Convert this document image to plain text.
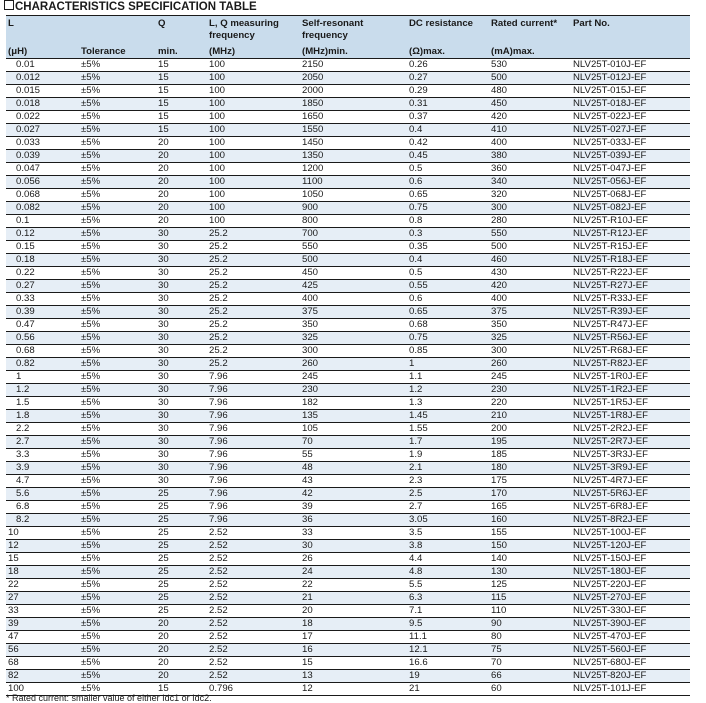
CHARACTERISTICS SPECIFICATION TABLE
L		Q	L, Q measuring frequency	Self-resonant frequency	DC resistance	Rated current*	Part No.
(μH)	Tolerance	min.	(MHz)	(MHz)min.	(Ω)max.	(mA)max.	
0.01	±5%	15	100	2150	0.26	530	NLV25T-010J-EF
0.012	±5%	15	100	2050	0.27	500	NLV25T-012J-EF
0.015	±5%	15	100	2000	0.29	480	NLV25T-015J-EF
0.018	±5%	15	100	1850	0.31	450	NLV25T-018J-EF
0.022	±5%	15	100	1650	0.37	420	NLV25T-022J-EF
0.027	±5%	15	100	1550	0.4	410	NLV25T-027J-EF
0.033	±5%	20	100	1450	0.42	400	NLV25T-033J-EF
0.039	±5%	20	100	1350	0.45	380	NLV25T-039J-EF
0.047	±5%	20	100	1200	0.5	360	NLV25T-047J-EF
0.056	±5%	20	100	1100	0.6	340	NLV25T-056J-EF
0.068	±5%	20	100	1050	0.65	320	NLV25T-068J-EF
0.082	±5%	20	100	900	0.75	300	NLV25T-082J-EF
0.1	±5%	20	100	800	0.8	280	NLV25T-R10J-EF
0.12	±5%	30	25.2	700	0.3	550	NLV25T-R12J-EF
0.15	±5%	30	25.2	550	0.35	500	NLV25T-R15J-EF
0.18	±5%	30	25.2	500	0.4	460	NLV25T-R18J-EF
0.22	±5%	30	25.2	450	0.5	430	NLV25T-R22J-EF
0.27	±5%	30	25.2	425	0.55	420	NLV25T-R27J-EF
0.33	±5%	30	25.2	400	0.6	400	NLV25T-R33J-EF
0.39	±5%	30	25.2	375	0.65	375	NLV25T-R39J-EF
0.47	±5%	30	25.2	350	0.68	350	NLV25T-R47J-EF
0.56	±5%	30	25.2	325	0.75	325	NLV25T-R56J-EF
0.68	±5%	30	25.2	300	0.85	300	NLV25T-R68J-EF
0.82	±5%	30	25.2	260	1	260	NLV25T-R82J-EF
1	±5%	30	7.96	245	1.1	245	NLV25T-1R0J-EF
1.2	±5%	30	7.96	230	1.2	230	NLV25T-1R2J-EF
1.5	±5%	30	7.96	182	1.3	220	NLV25T-1R5J-EF
1.8	±5%	30	7.96	135	1.45	210	NLV25T-1R8J-EF
2.2	±5%	30	7.96	105	1.55	200	NLV25T-2R2J-EF
2.7	±5%	30	7.96	70	1.7	195	NLV25T-2R7J-EF
3.3	±5%	30	7.96	55	1.9	185	NLV25T-3R3J-EF
3.9	±5%	30	7.96	48	2.1	180	NLV25T-3R9J-EF
4.7	±5%	30	7.96	43	2.3	175	NLV25T-4R7J-EF
5.6	±5%	25	7.96	42	2.5	170	NLV25T-5R6J-EF
6.8	±5%	25	7.96	39	2.7	165	NLV25T-6R8J-EF
8.2	±5%	25	7.96	36	3.05	160	NLV25T-8R2J-EF
10	±5%	25	2.52	33	3.5	155	NLV25T-100J-EF
12	±5%	25	2.52	30	3.8	150	NLV25T-120J-EF
15	±5%	25	2.52	26	4.4	140	NLV25T-150J-EF
18	±5%	25	2.52	24	4.8	130	NLV25T-180J-EF
22	±5%	25	2.52	22	5.5	125	NLV25T-220J-EF
27	±5%	25	2.52	21	6.3	115	NLV25T-270J-EF
33	±5%	25	2.52	20	7.1	110	NLV25T-330J-EF
39	±5%	20	2.52	18	9.5	90	NLV25T-390J-EF
47	±5%	20	2.52	17	11.1	80	NLV25T-470J-EF
56	±5%	20	2.52	16	12.1	75	NLV25T-560J-EF
68	±5%	20	2.52	15	16.6	70	NLV25T-680J-EF
82	±5%	20	2.52	13	19	66	NLV25T-820J-EF
100	±5%	15	0.796	12	21	60	NLV25T-101J-EF
* Rated current: smaller value of either Idc1 or Idc2.
